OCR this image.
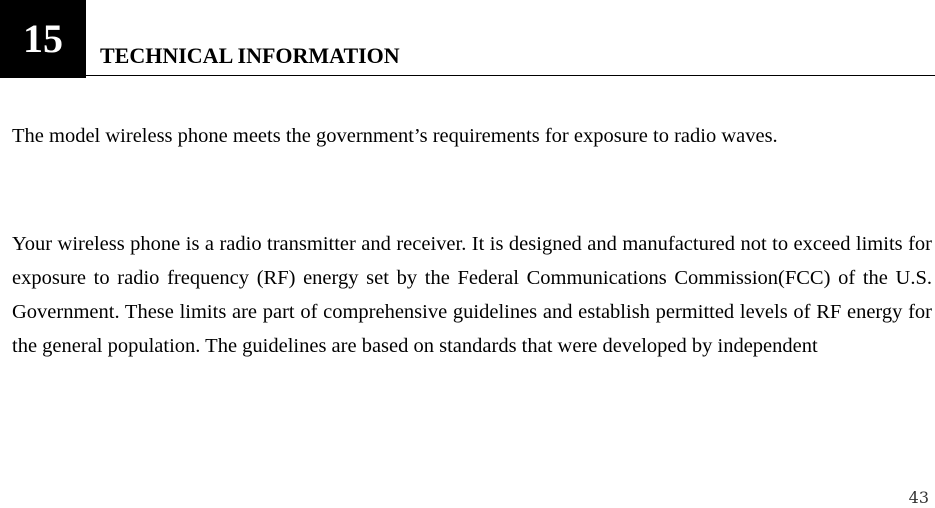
15 TECHNICAL INFORMATION

The model wireless phone meets the government’s requirements for exposure to radio waves.

Your wireless phone is a radio transmitter and receiver. It is designed and manufactured not to exceed limits for exposure to radio frequency (RF) energy set by the Federal Communications Commission(FCC) of the U.S. Government. These limits are part of comprehensive guidelines and establish permitted levels of RF energy for the general population. The guidelines are based on standards that were developed by independent

43
